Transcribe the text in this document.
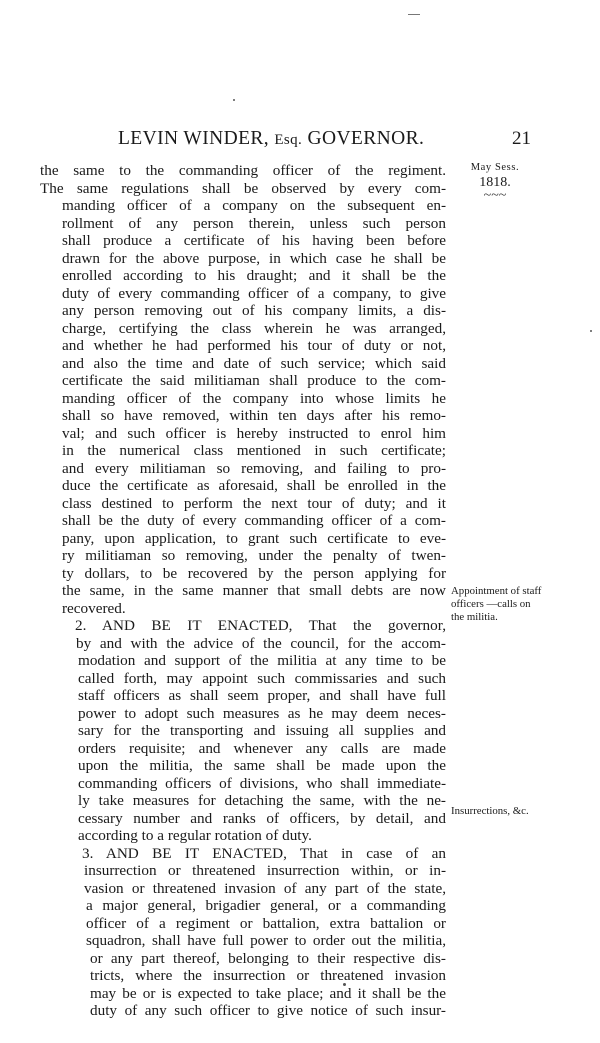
LEVIN WINDER, Esq. GOVERNOR.	21
May Sess.
1818.
~~~
Appointment of staff officers —calls on the militia.
Insurrections, &c.
the same to the commanding officer of the regiment.
The same regulations shall be observed by every com-
manding officer of a company on the subsequent en-
rollment of any person therein, unless such person
shall produce a certificate of his having been before
drawn for the above purpose, in which case he shall be
enrolled according to his draught; and it shall be the
duty of every commanding officer of a company, to give
any person removing out of his company limits, a dis-
charge, certifying the class wherein he was arranged,
and whether he had performed his tour of duty or not,
and also the time and date of such service; which said
certificate the said militiaman shall produce to the com-
manding officer of the company into whose limits he
shall so have removed, within ten days after his remo-
val; and such officer is hereby instructed to enrol him
in the numerical class mentioned in such certificate;
and every militiaman so removing, and failing to pro-
duce the certificate as aforesaid, shall be enrolled in the
class destined to perform the next tour of duty; and it
shall be the duty of every commanding officer of a com-
pany, upon application, to grant such certificate to eve-
ry militiaman so removing, under the penalty of twen-
ty dollars, to be recovered by the person applying for
the same, in the same manner that small debts are now
recovered.
2. AND BE IT ENACTED, That the governor,
by and with the advice of the council, for the accom-
modation and support of the militia at any time to be
called forth, may appoint such commissaries and such
staff officers as shall seem proper, and shall have full
power to adopt such measures as he may deem neces-
sary for the transporting and issuing all supplies and
orders requisite; and whenever any calls are made
upon the militia, the same shall be made upon the
commanding officers of divisions, who shall immediate-
ly take measures for detaching the same, with the ne-
cessary number and ranks of officers, by detail, and
according to a regular rotation of duty.
3. AND BE IT ENACTED, That in case of an
insurrection or threatened insurrection within, or in-
vasion or threatened invasion of any part of the state,
a major general, brigadier general, or a commanding
officer of a regiment or battalion, extra battalion or
squadron, shall have full power to order out the militia,
or any part thereof, belonging to their respective dis-
tricts, where the insurrection or threatened invasion
may be or is expected to take place; and it shall be the
duty of any such officer to give notice of such insur-
